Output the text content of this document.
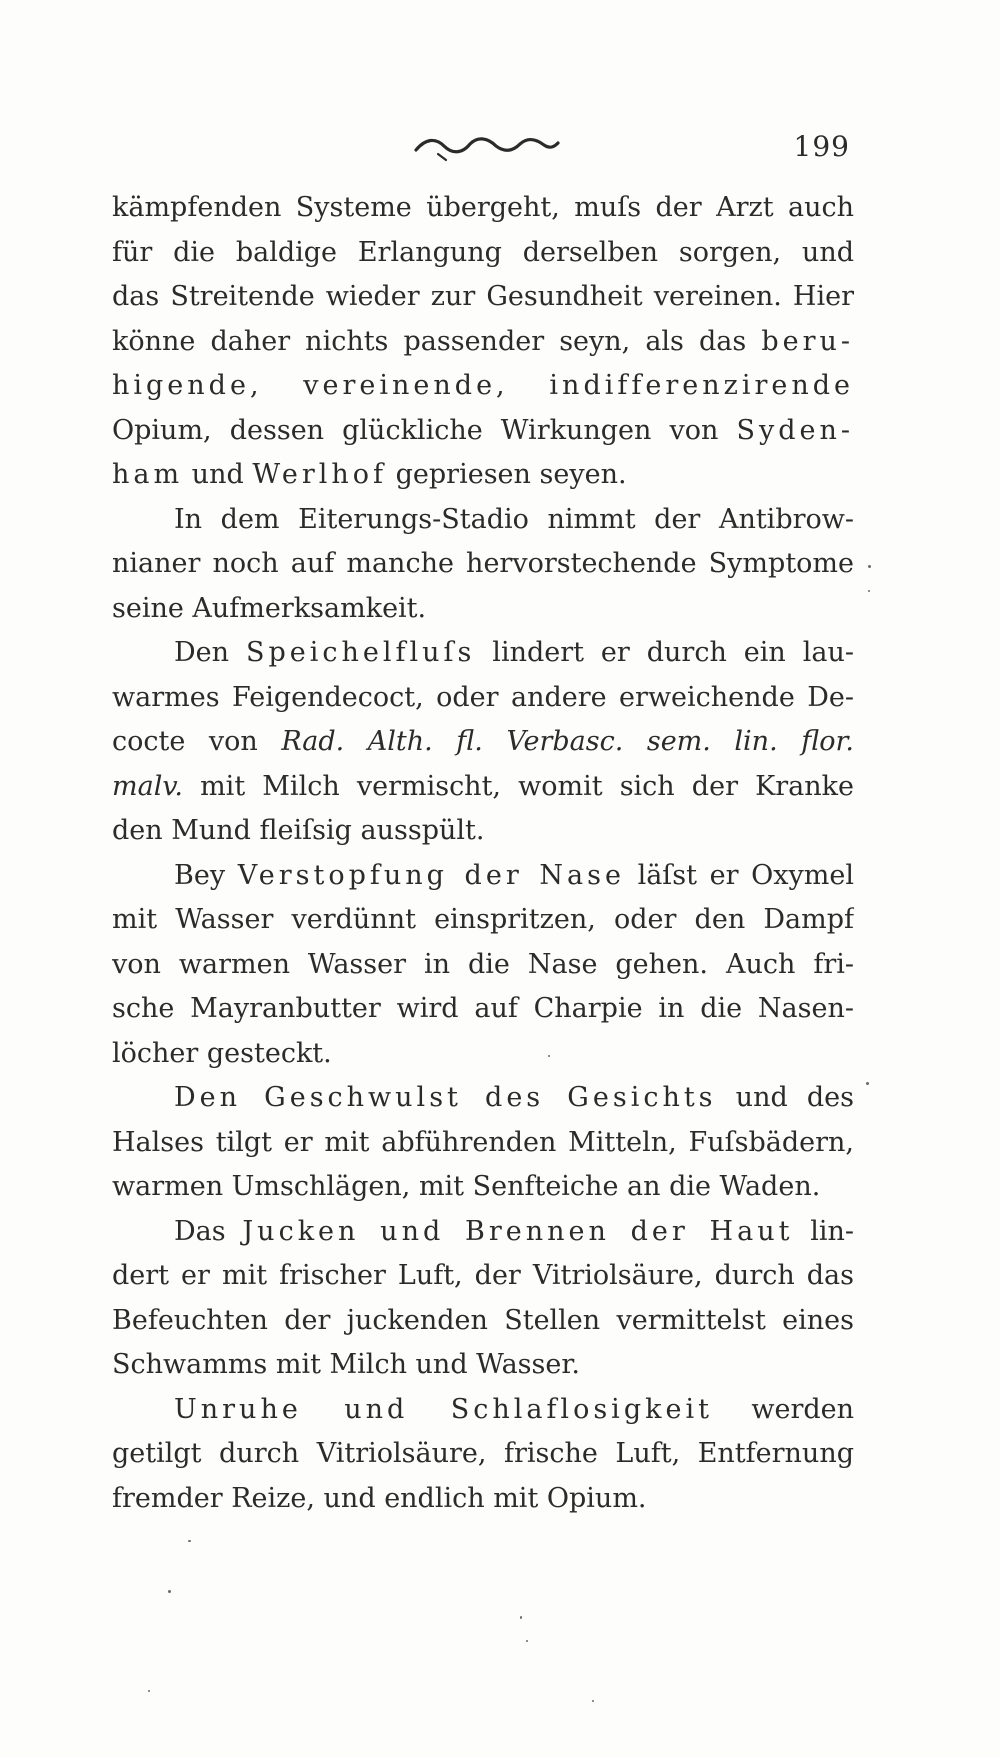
199
kämpfenden Systeme übergeht, muſs der Arzt auch
für die baldige Erlangung derselben sorgen, und
das Streitende wieder zur Gesundheit vereinen. Hier
könne daher nichts passender seyn, als das beru-
higende, vereinende, indifferenzirende
Opium, dessen glückliche Wirkungen von Syden-
ham und Werlhof gepriesen seyen.
In dem Eiterungs-Stadio nimmt der Antibrow-
nianer noch auf manche hervorstechende Symptome
seine Aufmerksamkeit.
Den Speichelfluſs lindert er durch ein lau-
warmes Feigendecoct, oder andere erweichende De-
cocte von Rad. Alth. fl. Verbasc. sem. lin. flor.
malv. mit Milch vermischt, womit sich der Kranke
den Mund fleiſsig ausspült.
Bey Verstopfung der Nase läſst er Oxymel
mit Wasser verdünnt einspritzen, oder den Dampf
von warmen Wasser in die Nase gehen. Auch fri-
sche Mayranbutter wird auf Charpie in die Nasen-
löcher gesteckt.
Den Geschwulst des Gesichts und des
Halses tilgt er mit abführenden Mitteln, Fuſsbädern,
warmen Umschlägen, mit Senfteiche an die Waden.
Das Jucken und Brennen der Haut lin-
dert er mit frischer Luft, der Vitriolsäure, durch das
Befeuchten der juckenden Stellen vermittelst eines
Schwamms mit Milch und Wasser.
Unruhe und Schlaflosigkeit werden
getilgt durch Vitriolsäure, frische Luft, Entfernung
fremder Reize, und endlich mit Opium.
